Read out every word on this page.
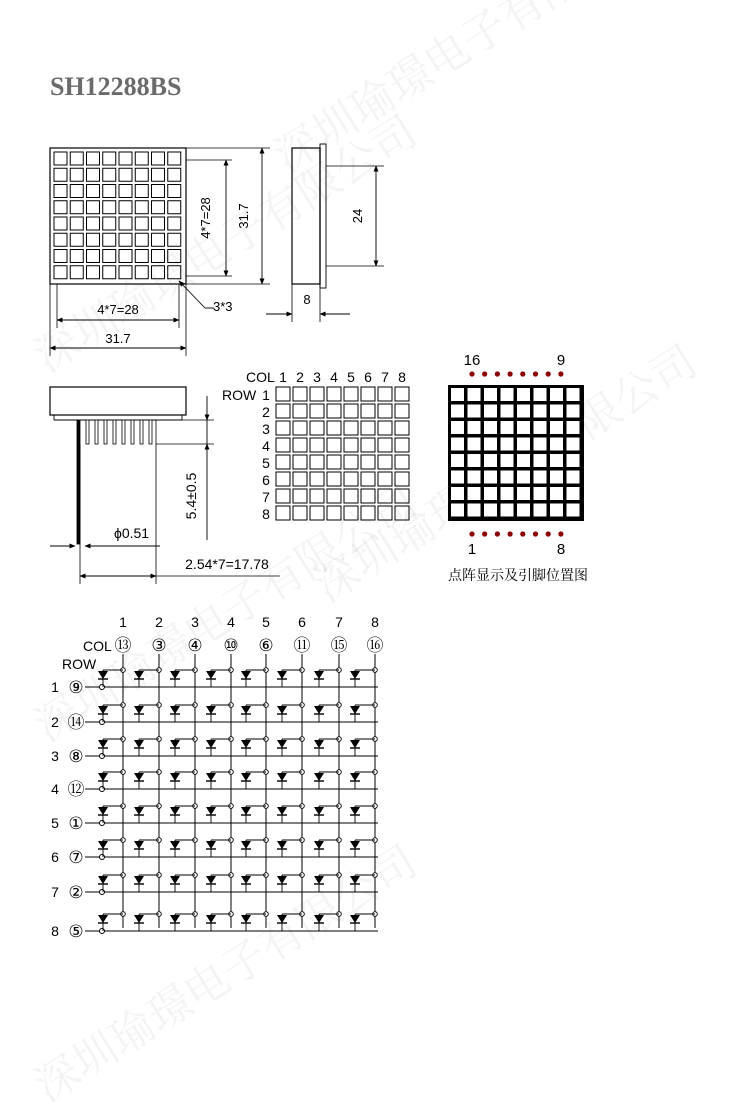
SH12288BS
4*7=28 31.7
4*7=28
31.7
3*3
24
8
ϕ0.51
5.4±0.5
2.54*7=17.78
COL
ROW
16	9
1	8
点阵显示及引脚位置图
COL
ROW
1 2 3 4 5 6 7 8
1
2
3
4
5
6
7
8
1 2 3 4 5 6 7 8
⑬ ③ ④ ⑩ ⑥ ⑪ ⑮ ⑯
1
2
3
4
5
6
7
8
⑨
⑭
⑧
⑫
①
⑦
②
⑤
